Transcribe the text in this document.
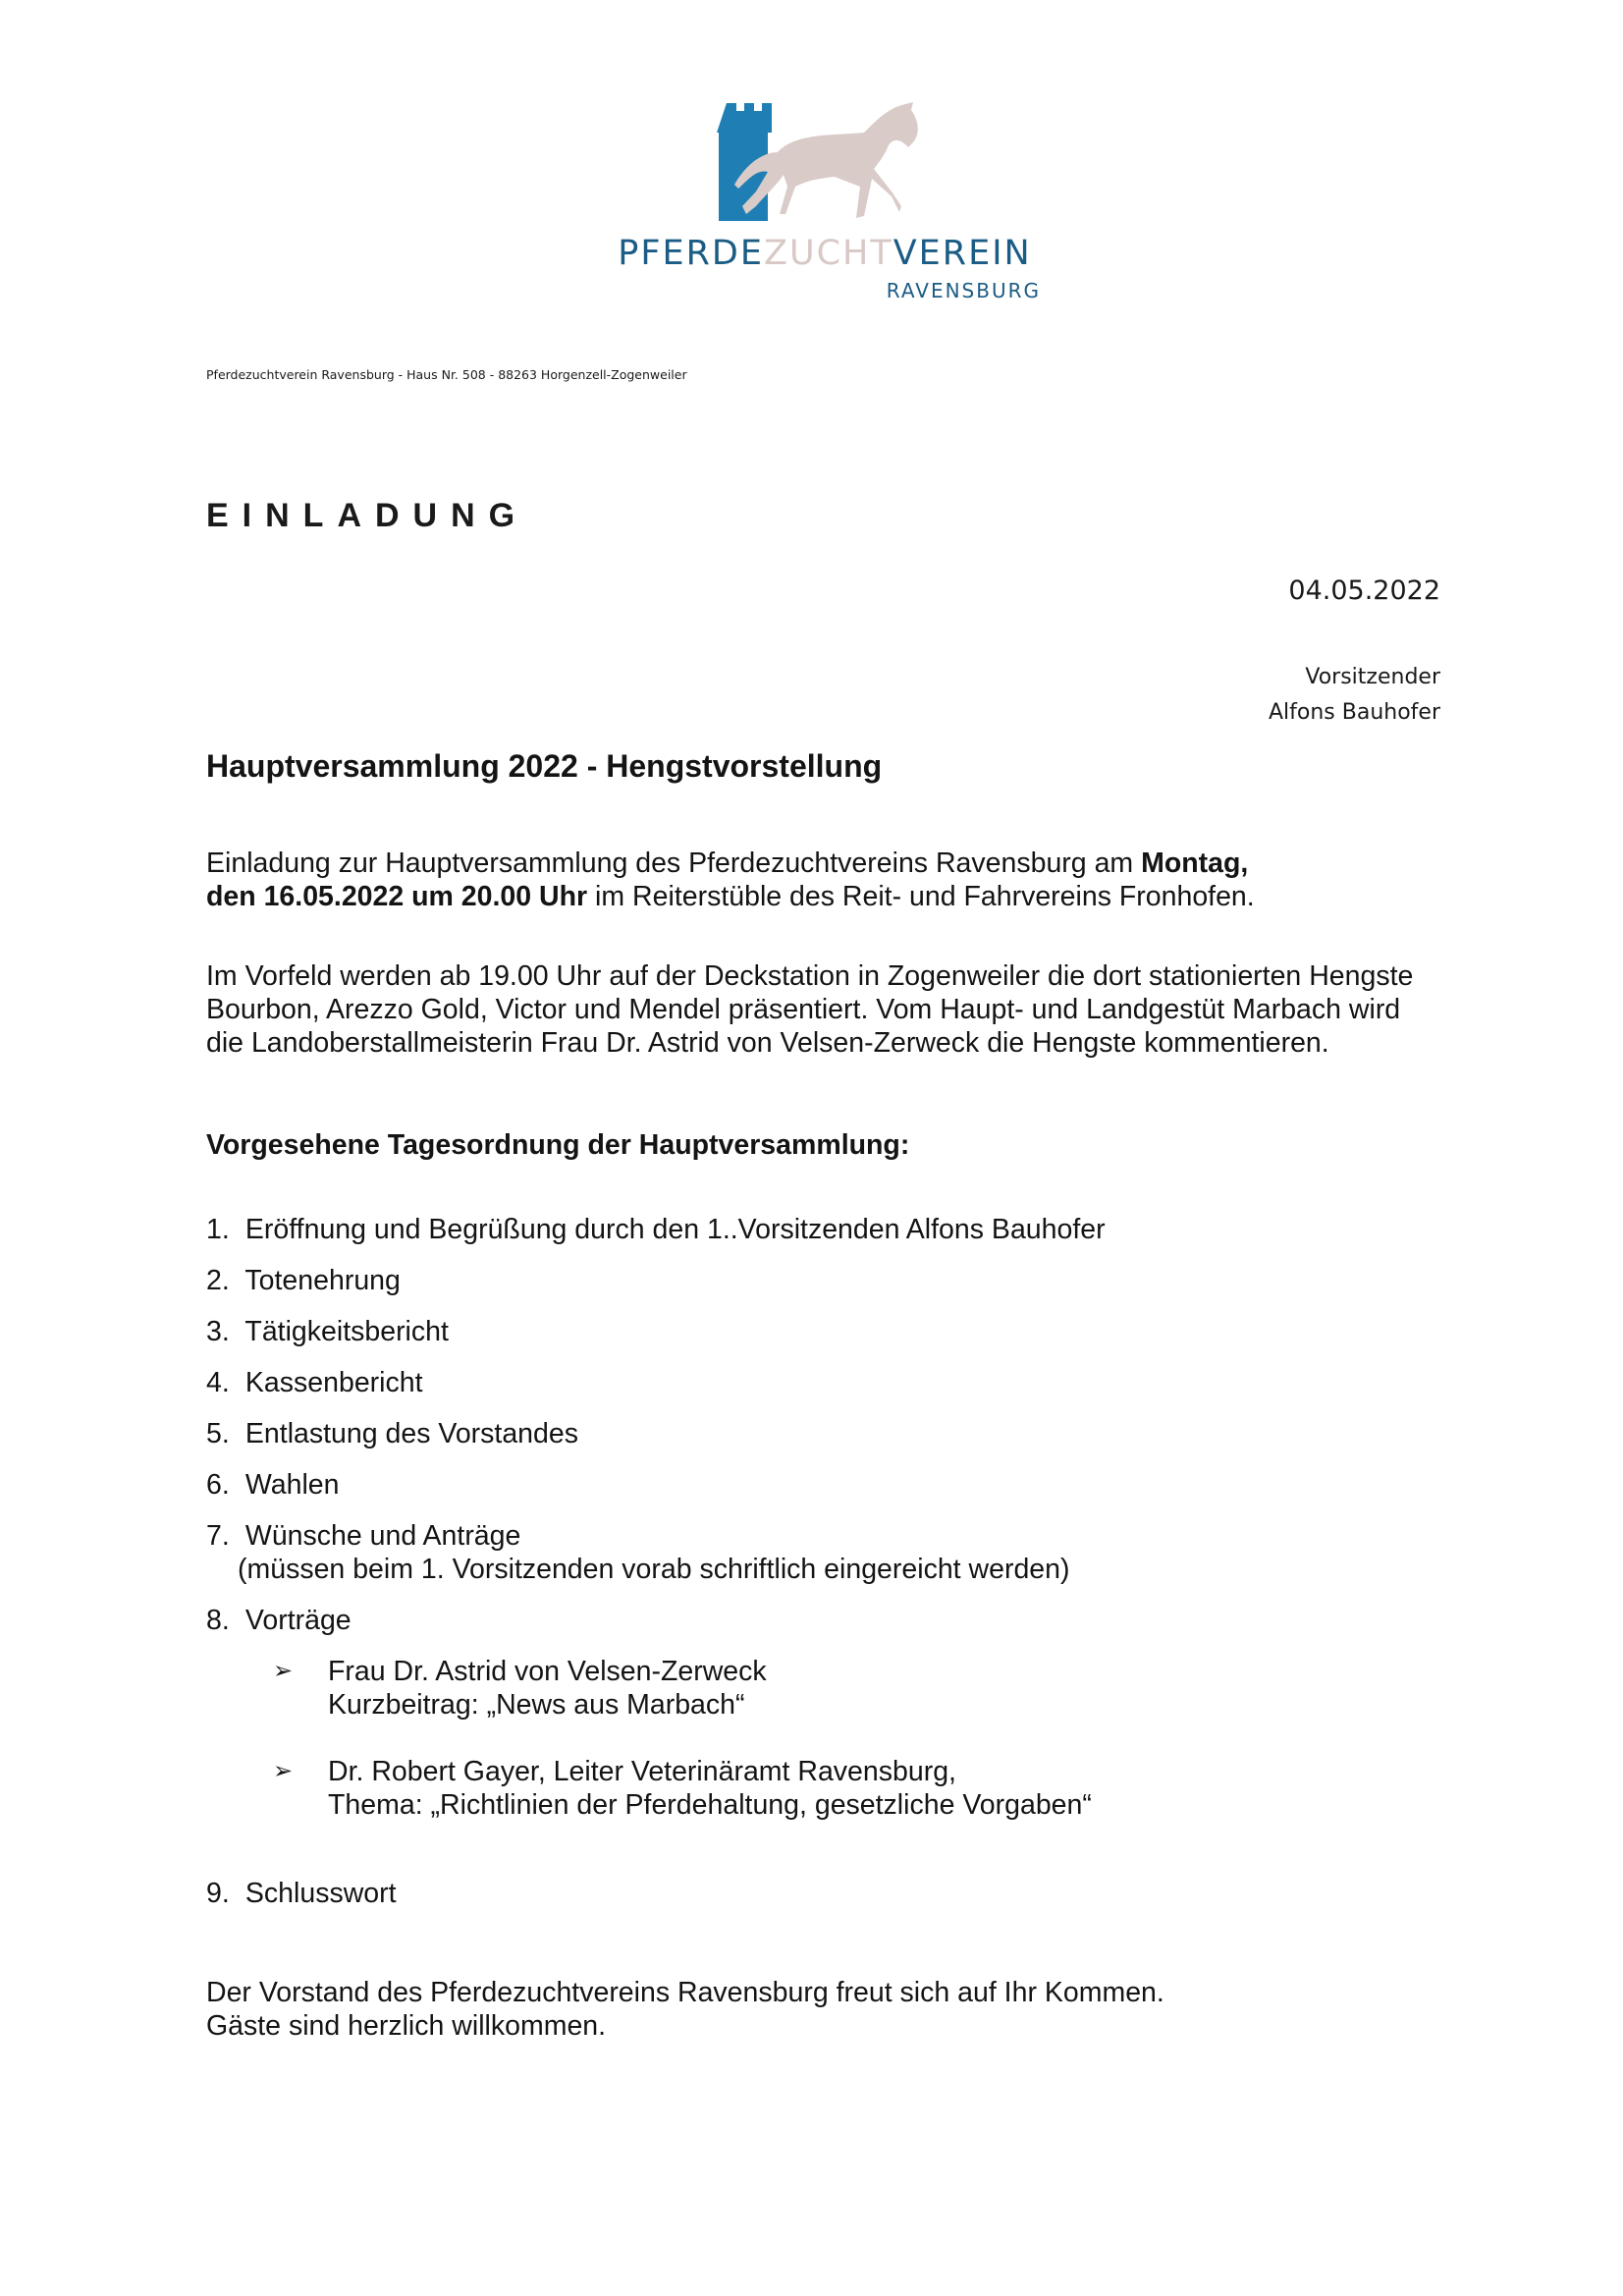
PFERDEZUCHTVEREIN
RAVENSBURG
Pferdezuchtverein Ravensburg - Haus Nr. 508 - 88263 Horgenzell-Zogenweiler
EINLADUNG
04.05.2022
Vorsitzender
Alfons Bauhofer
Hauptversammlung 2022 - Hengstvorstellung
Einladung zur Hauptversammlung des Pferdezuchtvereins Ravensburg am Montag,
den 16.05.2022 um 20.00 Uhr im Reiterstüble des Reit- und Fahrvereins Fronhofen.
Im Vorfeld werden ab 19.00 Uhr auf der Deckstation in Zogenweiler die dort stationierten Hengste Bourbon, Arezzo Gold, Victor und Mendel präsentiert. Vom Haupt- und Landgestüt Marbach wird die Landoberstallmeisterin Frau Dr. Astrid von Velsen-Zerweck die Hengste kommentieren.
Vorgesehene Tagesordnung der Hauptversammlung:
1. Eröffnung und Begrüßung durch den 1..Vorsitzenden Alfons Bauhofer
2. Totenehrung
3. Tätigkeitsbericht
4. Kassenbericht
5. Entlastung des Vorstandes
6. Wahlen
7. Wünsche und Anträge
(müssen beim 1. Vorsitzenden vorab schriftlich eingereicht werden)
8. Vorträge
➢ Frau Dr. Astrid von Velsen-Zerweck
Kurzbeitrag: „News aus Marbach“
➢ Dr. Robert Gayer, Leiter Veterinäramt Ravensburg,
Thema: „Richtlinien der Pferdehaltung, gesetzliche Vorgaben“
9. Schlusswort
Der Vorstand des Pferdezuchtvereins Ravensburg freut sich auf Ihr Kommen.
Gäste sind herzlich willkommen.
